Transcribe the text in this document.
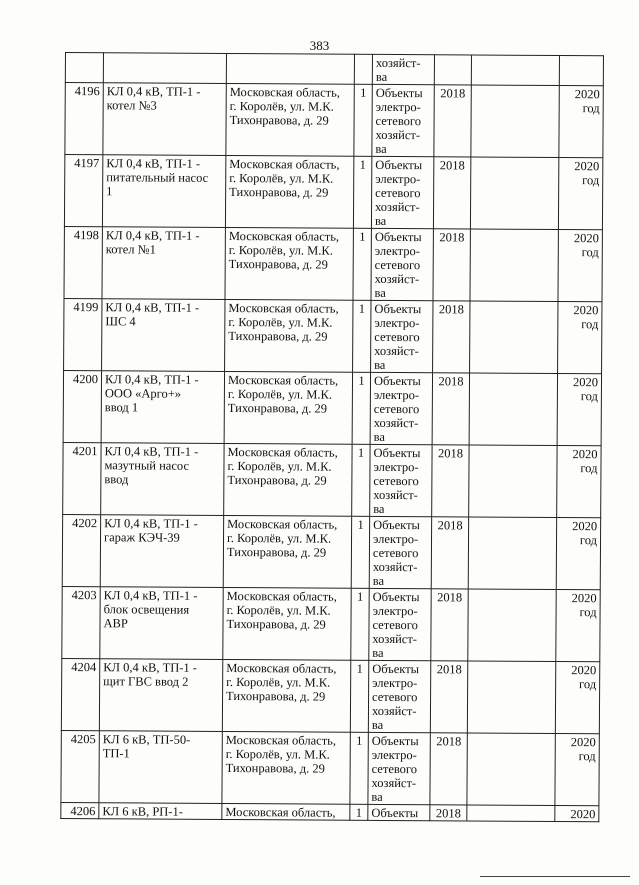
383
				хозяйст-
ва			
4196	КЛ 0,4 кВ, ТП-1 -
котел №3	Московская область,
г. Королёв, ул. М.К.
Тихонравова, д. 29	1	Объекты
электро-
сетевого
хозяйст-
ва	2018		2020
год
4197	КЛ 0,4 кВ, ТП-1 -
питательный насос
1	Московская область,
г. Королёв, ул. М.К.
Тихонравова, д. 29	1	Объекты
электро-
сетевого
хозяйст-
ва	2018		2020
год
4198	КЛ 0,4 кВ, ТП-1 -
котел №1	Московская область,
г. Королёв, ул. М.К.
Тихонравова, д. 29	1	Объекты
электро-
сетевого
хозяйст-
ва	2018		2020
год
4199	КЛ 0,4 кВ, ТП-1 -
ШС 4	Московская область,
г. Королёв, ул. М.К.
Тихонравова, д. 29	1	Объекты
электро-
сетевого
хозяйст-
ва	2018		2020
год
4200	КЛ 0,4 кВ, ТП-1 -
ООО «Арго+»
ввод 1	Московская область,
г. Королёв, ул. М.К.
Тихонравова, д. 29	1	Объекты
электро-
сетевого
хозяйст-
ва	2018		2020
год
4201	КЛ 0,4 кВ, ТП-1 -
мазутный насос
ввод	Московская область,
г. Королёв, ул. М.К.
Тихонравова, д. 29	1	Объекты
электро-
сетевого
хозяйст-
ва	2018		2020
год
4202	КЛ 0,4 кВ, ТП-1 -
гараж КЭЧ-39	Московская область,
г. Королёв, ул. М.К.
Тихонравова, д. 29	1	Объекты
электро-
сетевого
хозяйст-
ва	2018		2020
год
4203	КЛ 0,4 кВ, ТП-1 -
блок освещения
АВР	Московская область,
г. Королёв, ул. М.К.
Тихонравова, д. 29	1	Объекты
электро-
сетевого
хозяйст-
ва	2018		2020
год
4204	КЛ 0,4 кВ, ТП-1 -
щит ГВС ввод 2	Московская область,
г. Королёв, ул. М.К.
Тихонравова, д. 29	1	Объекты
электро-
сетевого
хозяйст-
ва	2018		2020
год
4205	КЛ 6 кВ, ТП-50-
ТП-1	Московская область,
г. Королёв, ул. М.К.
Тихонравова, д. 29	1	Объекты
электро-
сетевого
хозяйст-
ва	2018		2020
год
4206	КЛ 6 кВ, РП-1-	Московская область,	1	Объекты	2018		2020
